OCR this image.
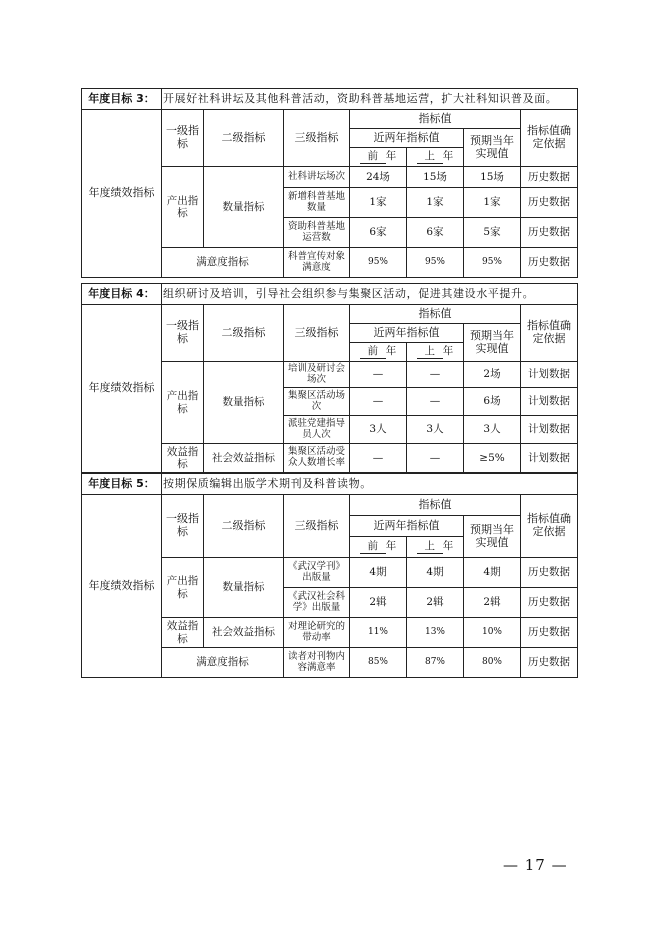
年度目标 3：	开展好社科讲坛及其他科普活动，资助科普基地运营，扩大社科知识普及面。						
年度绩效指标	一级指标	二级指标	三级指标	指标值			指标值确定依据
				近两年指标值		预期当年实现值	
				前 年	上 年		
	产出指标	数量指标	社科讲坛场次	24场	15场	15场	历史数据
			新增科普基地数量	1家	1家	1家	历史数据
			资助科普基地运营数	6家	6家	5家	历史数据
	满意度指标		科普宣传对象满意度	95%	95%	95%	历史数据
年度目标 4：	组织研讨及培训，引导社会组织参与集聚区活动，促进其建设水平提升。						
年度绩效指标	一级指标	二级指标	三级指标	指标值			指标值确定依据
				近两年指标值		预期当年实现值	
				前 年	上 年		
	产出指标	数量指标	培训及研讨会场次	—	—	2场	计划数据
			集聚区活动场次	—	—	6场	计划数据
			派驻党建指导员人次	3人	3人	3人	计划数据
	效益指标	社会效益指标	集聚区活动受众人数增长率	—	—	≥5%	计划数据
年度目标 5：	按期保质编辑出版学术期刊及科普读物。						
年度绩效指标	一级指标	二级指标	三级指标	指标值			指标值确定依据
				近两年指标值		预期当年实现值	
				前 年	上 年		
	产出指标	数量指标	《武汉学刊》出版量	4期	4期	4期	历史数据
			《武汉社会科学》出版量	2辑	2辑	2辑	历史数据
	效益指标	社会效益指标	对理论研究的带动率	11%	13%	10%	历史数据
	满意度指标		读者对刊物内容满意率	85%	87%	80%	历史数据
— 17 —
